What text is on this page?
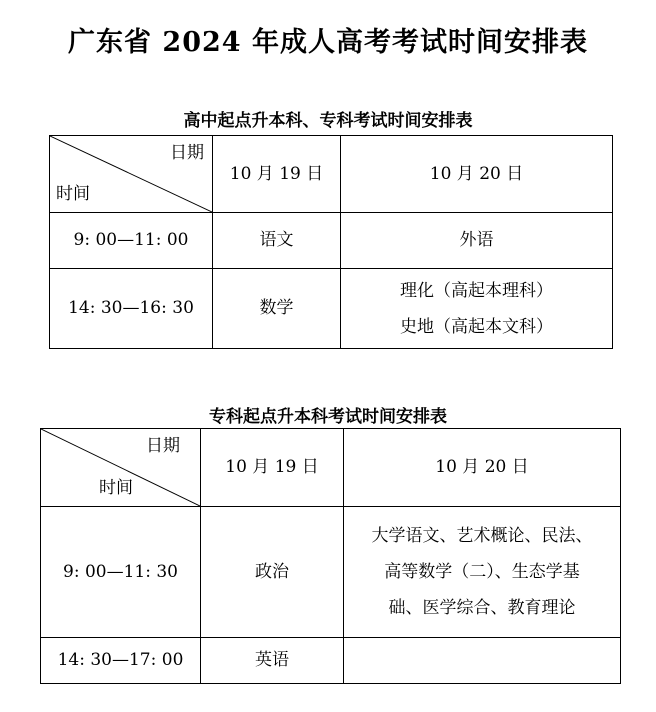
广东省 2024 年成人高考考试时间安排表
高中起点升本科、专科考试时间安排表
日期
时间	10 月 19 日	10 月 20 日
9: 00—11: 00	语文	外语

14: 30—16: 30	数学	理化（高起本理科）
史地（高起本文科）
专科起点升本科考试时间安排表
日期
时间	10 月 19 日	10 月 20 日
9: 00—11: 30	政治	大学语文、艺术概论、民法、
高等数学（二）、生态学基
础、医学综合、教育理论

14: 30—17: 00	英语	
